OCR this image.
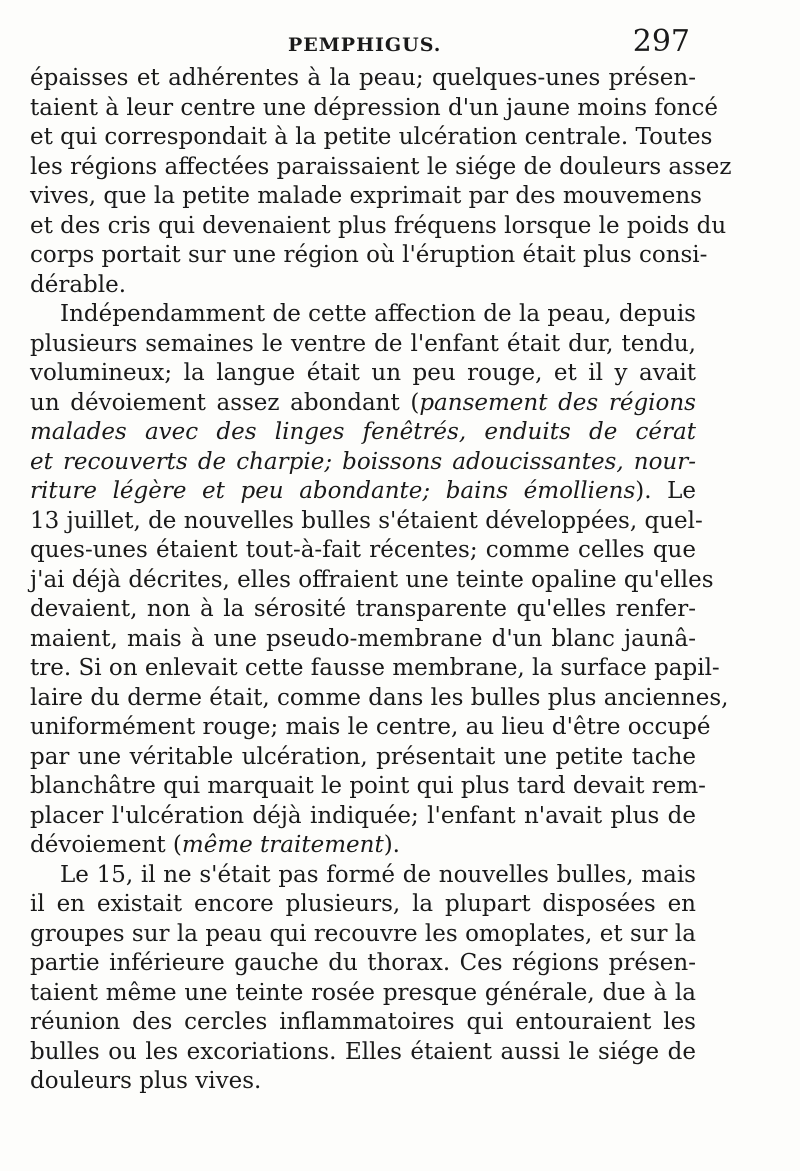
PEMPHIGUS.	297
épaisses et adhérentes à la peau; quelques-unes présen-
taient à leur centre une dépression d'un jaune moins foncé
et qui correspondait à la petite ulcération centrale. Toutes
les régions affectées paraissaient le siége de douleurs assez
vives, que la petite malade exprimait par des mouvemens
et des cris qui devenaient plus fréquens lorsque le poids du
corps portait sur une région où l'éruption était plus consi-
dérable.
Indépendamment de cette affection de la peau, depuis
plusieurs semaines le ventre de l'enfant était dur, tendu,
volumineux; la langue était un peu rouge, et il y avait
un dévoiement assez abondant (pansement des régions
malades avec des linges fenêtrés, enduits de cérat
et recouverts de charpie; boissons adoucissantes, nour-
riture légère et peu abondante; bains émolliens). Le
13 juillet, de nouvelles bulles s'étaient développées, quel-
ques-unes étaient tout-à-fait récentes; comme celles que
j'ai déjà décrites, elles offraient une teinte opaline qu'elles
devaient, non à la sérosité transparente qu'elles renfer-
maient, mais à une pseudo-membrane d'un blanc jaunâ-
tre. Si on enlevait cette fausse membrane, la surface papil-
laire du derme était, comme dans les bulles plus anciennes,
uniformément rouge; mais le centre, au lieu d'être occupé
par une véritable ulcération, présentait une petite tache
blanchâtre qui marquait le point qui plus tard devait rem-
placer l'ulcération déjà indiquée; l'enfant n'avait plus de
dévoiement (même traitement).
Le 15, il ne s'était pas formé de nouvelles bulles, mais
il en existait encore plusieurs, la plupart disposées en
groupes sur la peau qui recouvre les omoplates, et sur la
partie inférieure gauche du thorax. Ces régions présen-
taient même une teinte rosée presque générale, due à la
réunion des cercles inflammatoires qui entouraient les
bulles ou les excoriations. Elles étaient aussi le siége de
douleurs plus vives.
